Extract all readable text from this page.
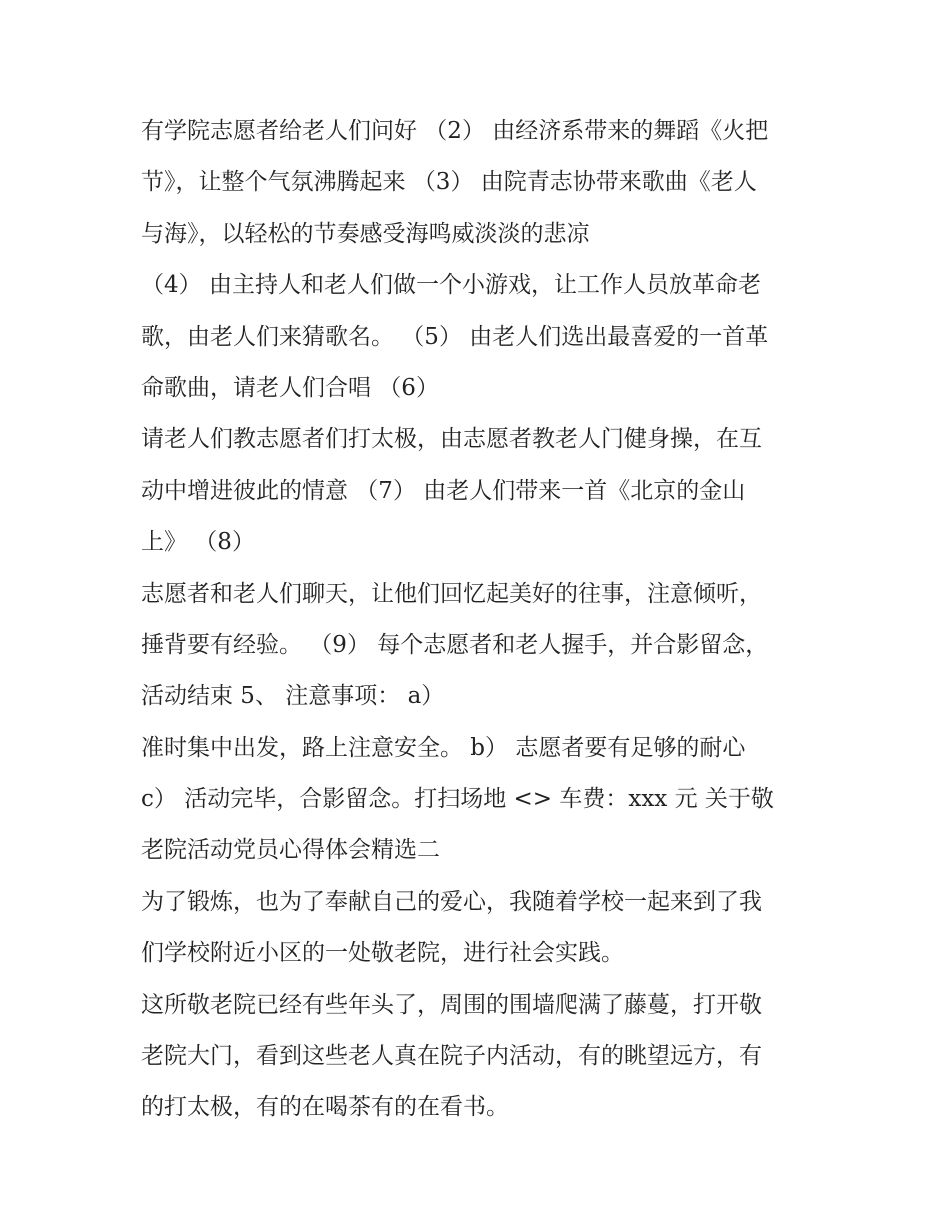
有学院志愿者给老人们问好 （2） 由经济系带来的舞蹈《火把
节》，让整个气氛沸腾起来 （3） 由院青志协带来歌曲《老人
与海》，以轻松的节奏感受海鸣威淡淡的悲凉
（4） 由主持人和老人们做一个小游戏，让工作人员放革命老
歌，由老人们来猜歌名。 （5） 由老人们选出最喜爱的一首革
命歌曲，请老人们合唱 （6）
请老人们教志愿者们打太极，由志愿者教老人门健身操，在互
动中增进彼此的情意 （7） 由老人们带来一首《北京的金山
上》 （8）
志愿者和老人们聊天，让他们回忆起美好的往事，注意倾听，
捶背要有经验。 （9） 每个志愿者和老人握手，并合影留念，
活动结束 5、 注意事项： a）
准时集中出发，路上注意安全。 b） 志愿者要有足够的耐心
c） 活动完毕，合影留念。打扫场地 <> 车费：xxx 元 关于敬
老院活动党员心得体会精选二
为了锻炼，也为了奉献自己的爱心，我随着学校一起来到了我
们学校附近小区的一处敬老院，进行社会实践。
这所敬老院已经有些年头了，周围的围墙爬满了藤蔓，打开敬
老院大门，看到这些老人真在院子内活动，有的眺望远方，有
的打太极，有的在喝茶有的在看书。
